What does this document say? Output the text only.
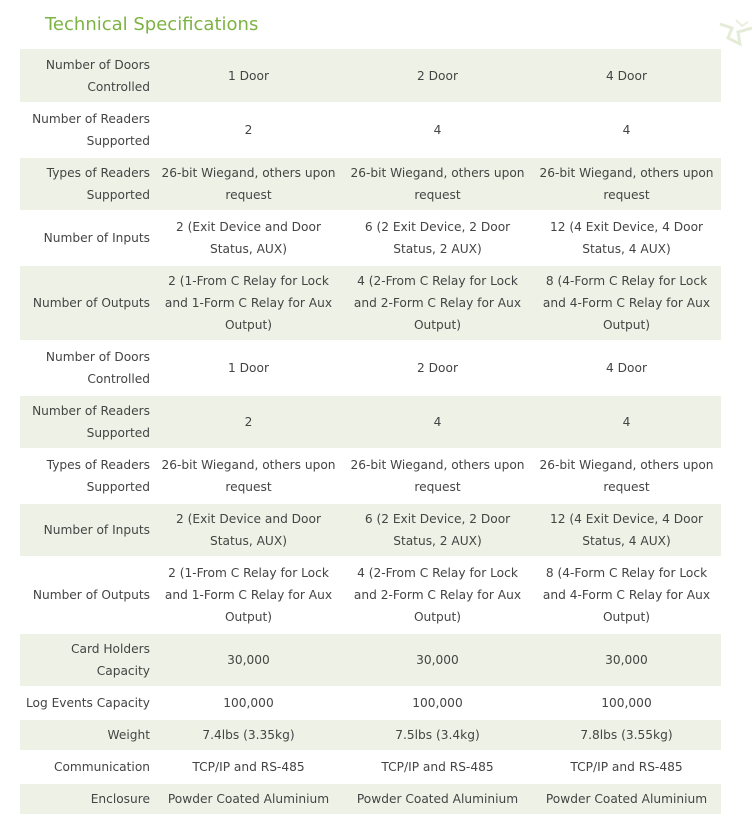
Technical Specifications
Number of Doors Controlled	1 Door	2 Door	4 Door
Number of Readers Supported	2	4	4
Types of Readers Supported	26-bit Wiegand, others upon request	26-bit Wiegand, others upon request	26-bit Wiegand, others upon request
Number of Inputs	2 (Exit Device and Door Status, AUX)	6 (2 Exit Device, 2 Door Status, 2 AUX)	12 (4 Exit Device, 4 Door Status, 4 AUX)
Number of Outputs	2 (1-From C Relay for Lock and 1-Form C Relay for Aux Output)	4 (2-From C Relay for Lock and 2-Form C Relay for Aux Output)	8 (4-Form C Relay for Lock and 4-Form C Relay for Aux Output)
Number of Doors Controlled	1 Door	2 Door	4 Door
Number of Readers Supported	2	4	4
Types of Readers Supported	26-bit Wiegand, others upon request	26-bit Wiegand, others upon request	26-bit Wiegand, others upon request
Number of Inputs	2 (Exit Device and Door Status, AUX)	6 (2 Exit Device, 2 Door Status, 2 AUX)	12 (4 Exit Device, 4 Door Status, 4 AUX)
Number of Outputs	2 (1-From C Relay for Lock and 1-Form C Relay for Aux Output)	4 (2-From C Relay for Lock and 2-Form C Relay for Aux Output)	8 (4-Form C Relay for Lock and 4-Form C Relay for Aux Output)
Card Holders Capacity	30,000	30,000	30,000
Log Events Capacity	100,000	100,000	100,000
Weight	7.4lbs (3.35kg)	7.5lbs (3.4kg)	7.8lbs (3.55kg)
Communication	TCP/IP and RS-485	TCP/IP and RS-485	TCP/IP and RS-485
Enclosure	Powder Coated Aluminium	Powder Coated Aluminium	Powder Coated Aluminium
